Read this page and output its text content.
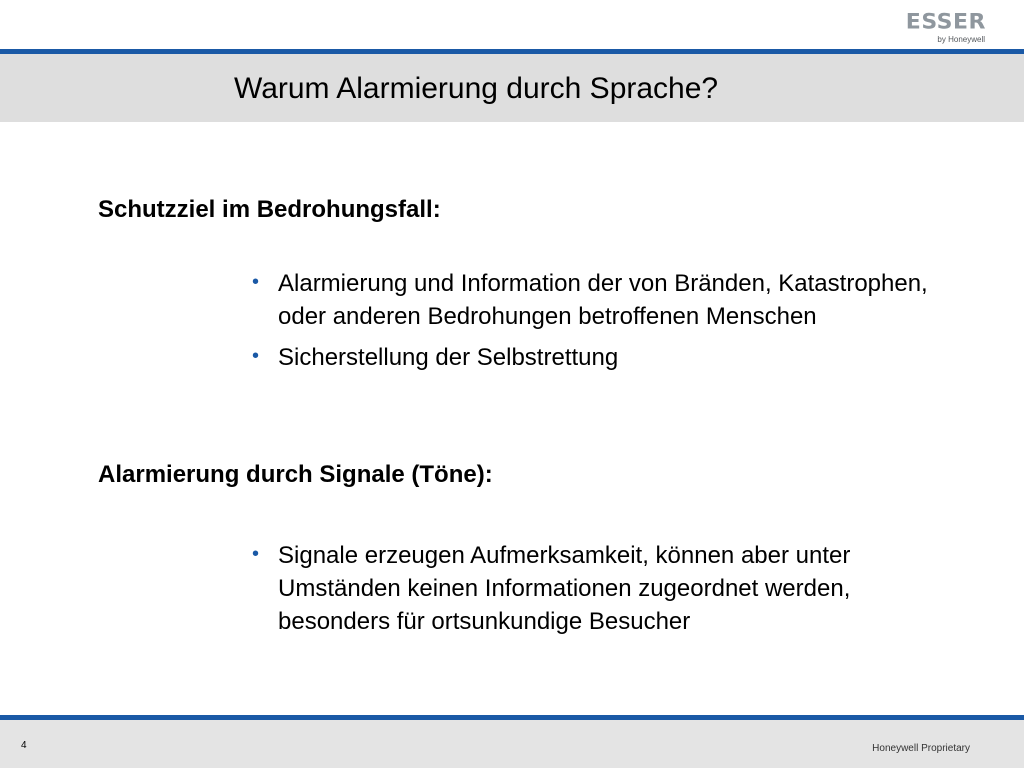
ESSER
by Honeywell
Warum Alarmierung durch Sprache?
Schutzziel im Bedrohungsfall:
• Alarmierung und Information der von Bränden, Katastrophen, oder anderen Bedrohungen betroffenen Menschen
• Sicherstellung der Selbstrettung
Alarmierung durch Signale (Töne):
• Signale erzeugen Aufmerksamkeit, können aber unter Umständen keinen Informationen zugeordnet werden, besonders für ortsunkundige Besucher
4	Honeywell Proprietary
